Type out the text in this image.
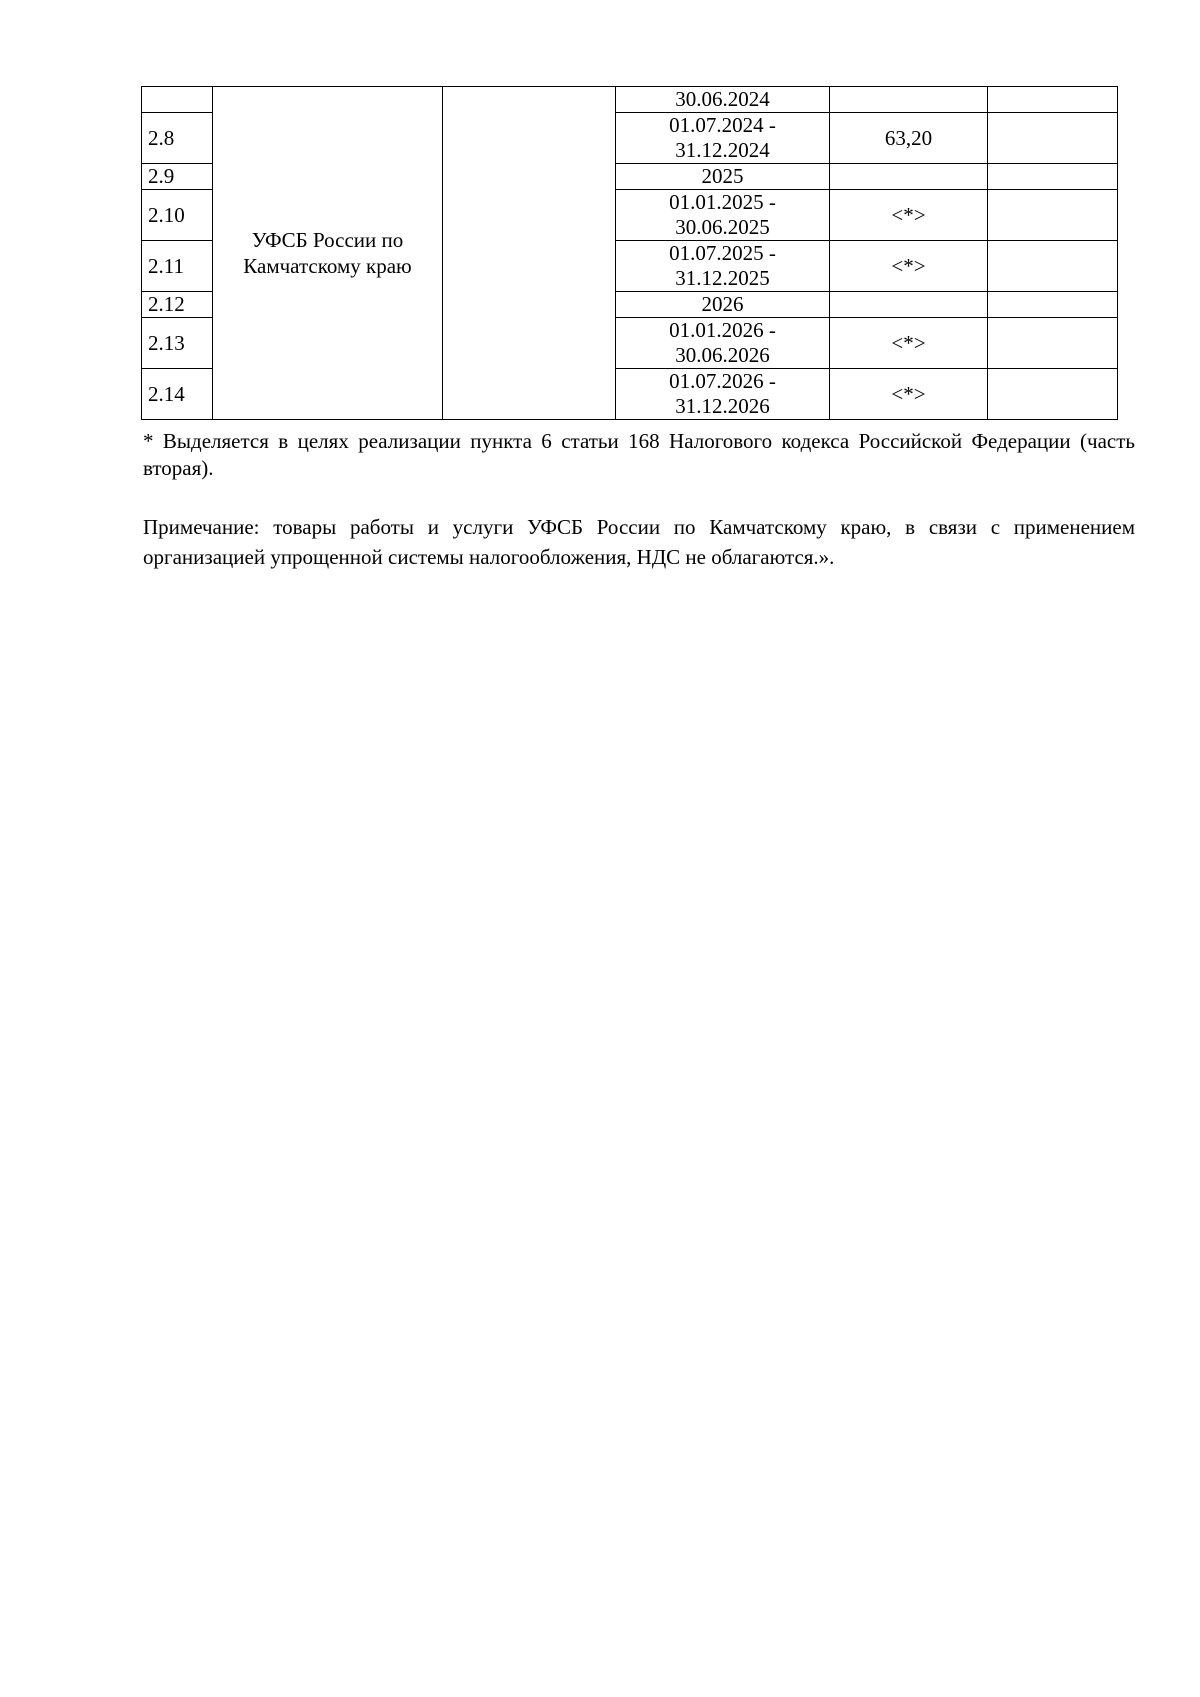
	УФСБ России по Камчатскому краю		30.06.2024		
2.8			01.07.2024 - 31.12.2024	63,20	
2.9			2025		
2.10			01.01.2025 - 30.06.2025	<*>	
2.11			01.07.2025 - 31.12.2025	<*>	
2.12			2026		
2.13			01.01.2026 - 30.06.2026	<*>	
2.14			01.07.2026 - 31.12.2026	<*>	

* Выделяется в целях реализации пункта 6 статьи 168 Налогового кодекса Российской Федерации (часть вторая).

Примечание: товары работы и услуги УФСБ России по Камчатскому краю, в связи с применением организацией упрощенной системы налогообложения, НДС не облагаются.».
